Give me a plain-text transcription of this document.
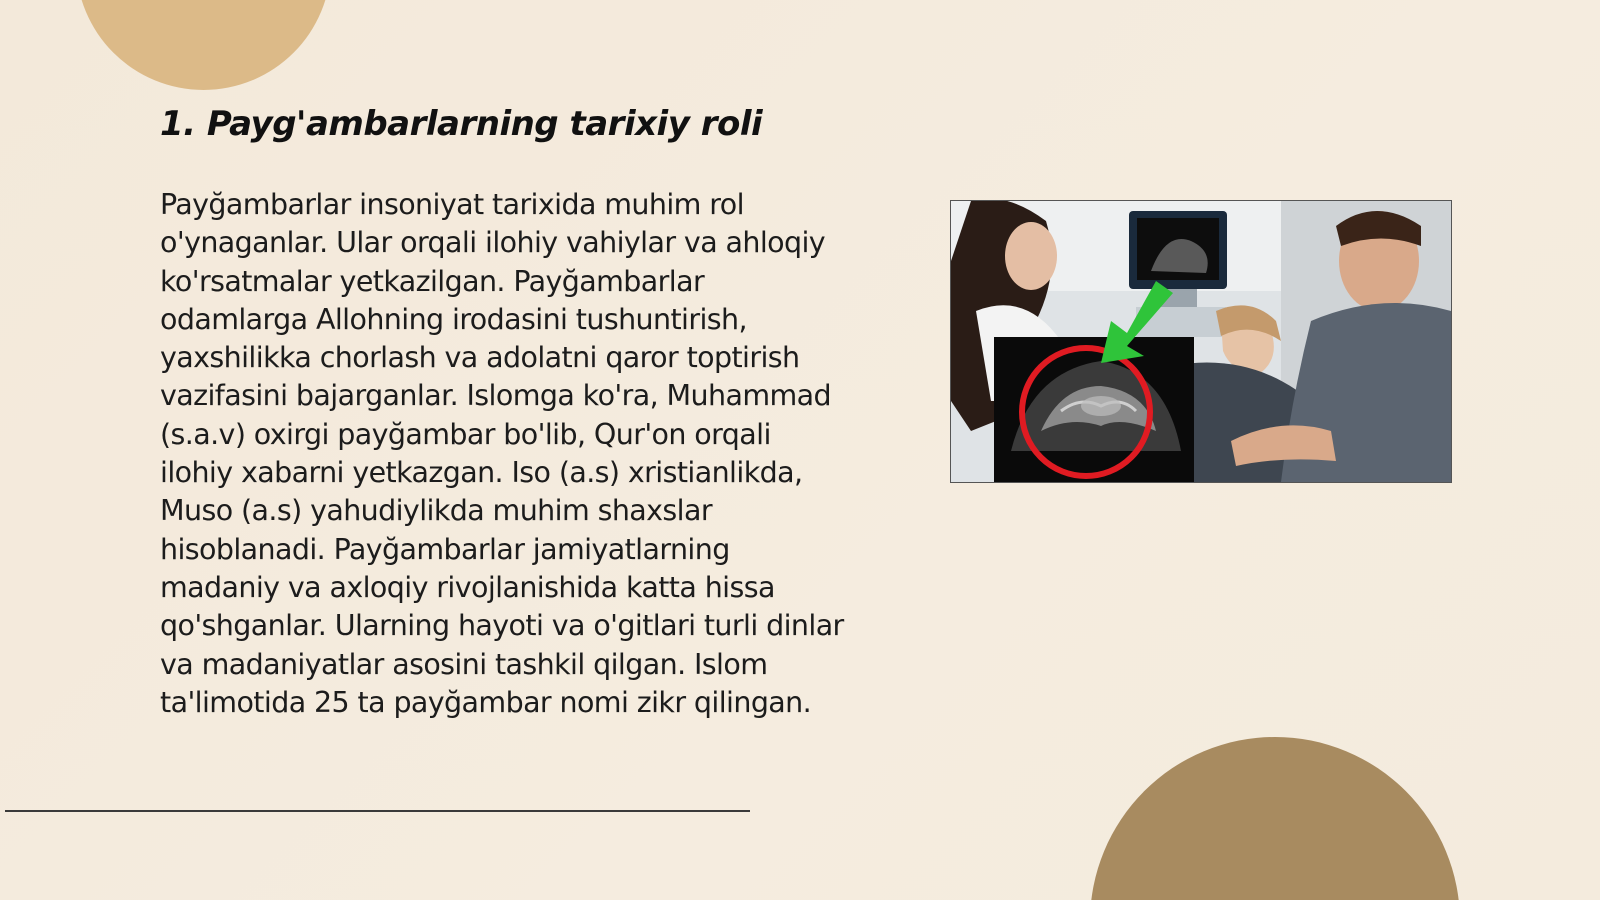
1. Payg'ambarlarning tarixiy roli

Payğambarlar insoniyat tarixida muhim rol o'ynaganlar. Ular orqali ilohiy vahiylar va ahloqiy ko'rsatmalar yetkazilgan. Payğambarlar odamlarga Allohning irodasini tushuntirish, yaxshilikka chorlash va adolatni qaror toptirish vazifasini bajarganlar. Islomga ko'ra, Muhammad (s.a.v) oxirgi payğambar bo'lib, Qur'on orqali ilohiy xabarni yetkazgan. Iso (a.s) xristianlikda, Muso (a.s) yahudiylikda muhim shaxslar hisoblanadi. Payğambarlar jamiyatlarning madaniy va axloqiy rivojlanishida katta hissa qo'shganlar. Ularning hayoti va o'gitlari turli dinlar va madaniyatlar asosini tashkil qilgan. Islom ta'limotida 25 ta payğambar nomi zikr qilingan.
